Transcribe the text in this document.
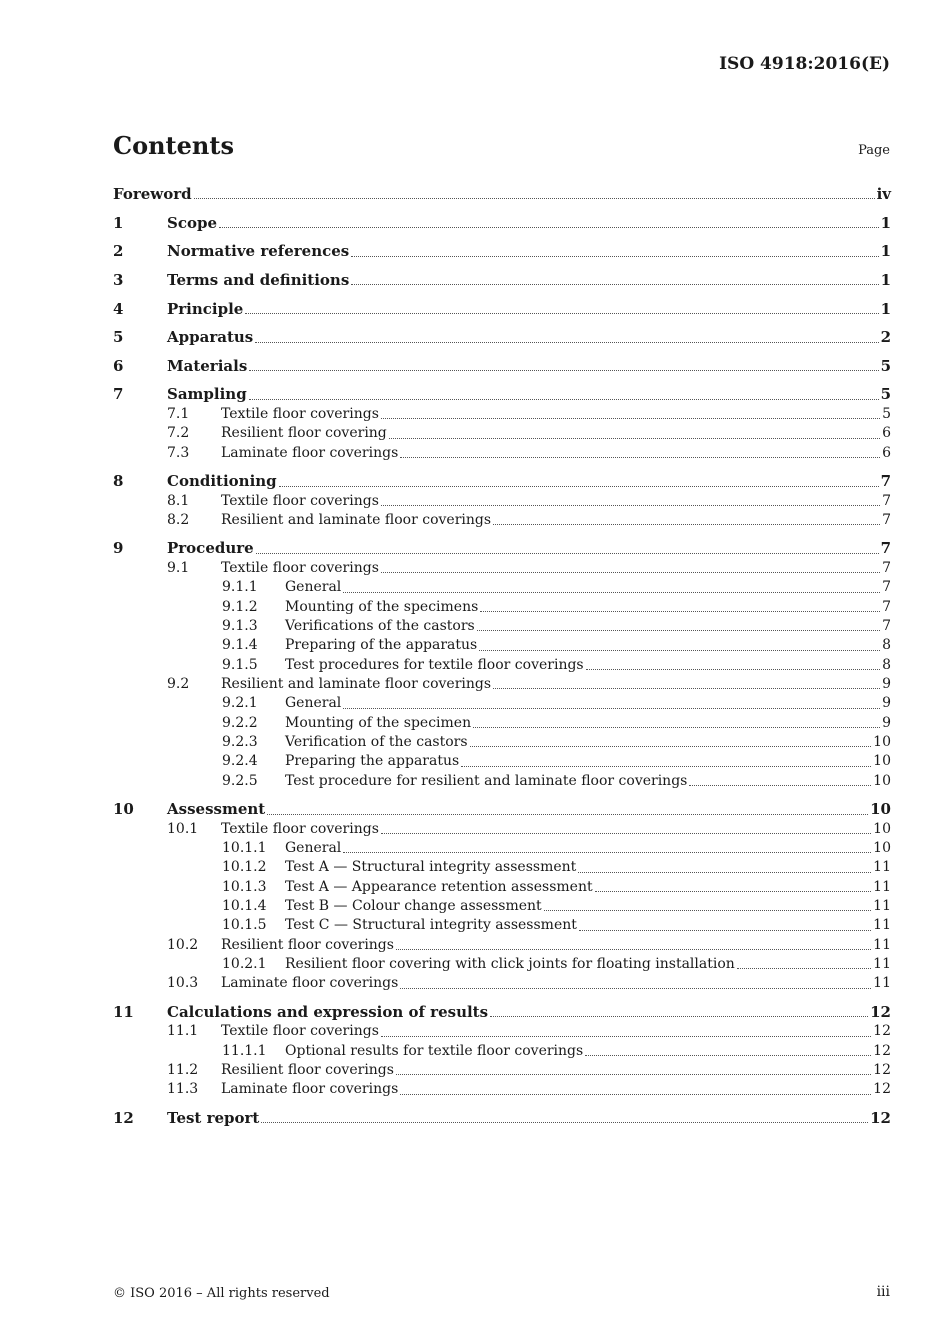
ISO 4918:2016(E)
Contents	Page
Foreword	iv
1	Scope	1
2	Normative references	1
3	Terms and definitions	1
4	Principle	1
5	Apparatus	2
6	Materials	5
7	Sampling	5
7.1	Textile floor coverings	5
7.2	Resilient floor covering	6
7.3	Laminate floor coverings	6
8	Conditioning	7
8.1	Textile floor coverings	7
8.2	Resilient and laminate floor coverings	7
9	Procedure	7
9.1	Textile floor coverings	7
9.1.1	General	7
9.1.2	Mounting of the specimens	7
9.1.3	Verifications of the castors	7
9.1.4	Preparing of the apparatus	8
9.1.5	Test procedures for textile floor coverings	8
9.2	Resilient and laminate floor coverings	9
9.2.1	General	9
9.2.2	Mounting of the specimen	9
9.2.3	Verification of the castors	10
9.2.4	Preparing the apparatus	10
9.2.5	Test procedure for resilient and laminate floor coverings	10
10	Assessment	10
10.1	Textile floor coverings	10
10.1.1	General	10
10.1.2	Test A — Structural integrity assessment	11
10.1.3	Test A — Appearance retention assessment	11
10.1.4	Test B — Colour change assessment	11
10.1.5	Test C — Structural integrity assessment	11
10.2	Resilient floor coverings	11
10.2.1	Resilient floor covering with click joints for floating installation	11
10.3	Laminate floor coverings	11
11	Calculations and expression of results	12
11.1	Textile floor coverings	12
11.1.1	Optional results for textile floor coverings	12
11.2	Resilient floor coverings	12
11.3	Laminate floor coverings	12
12	Test report	12
© ISO 2016 – All rights reserved	iii
